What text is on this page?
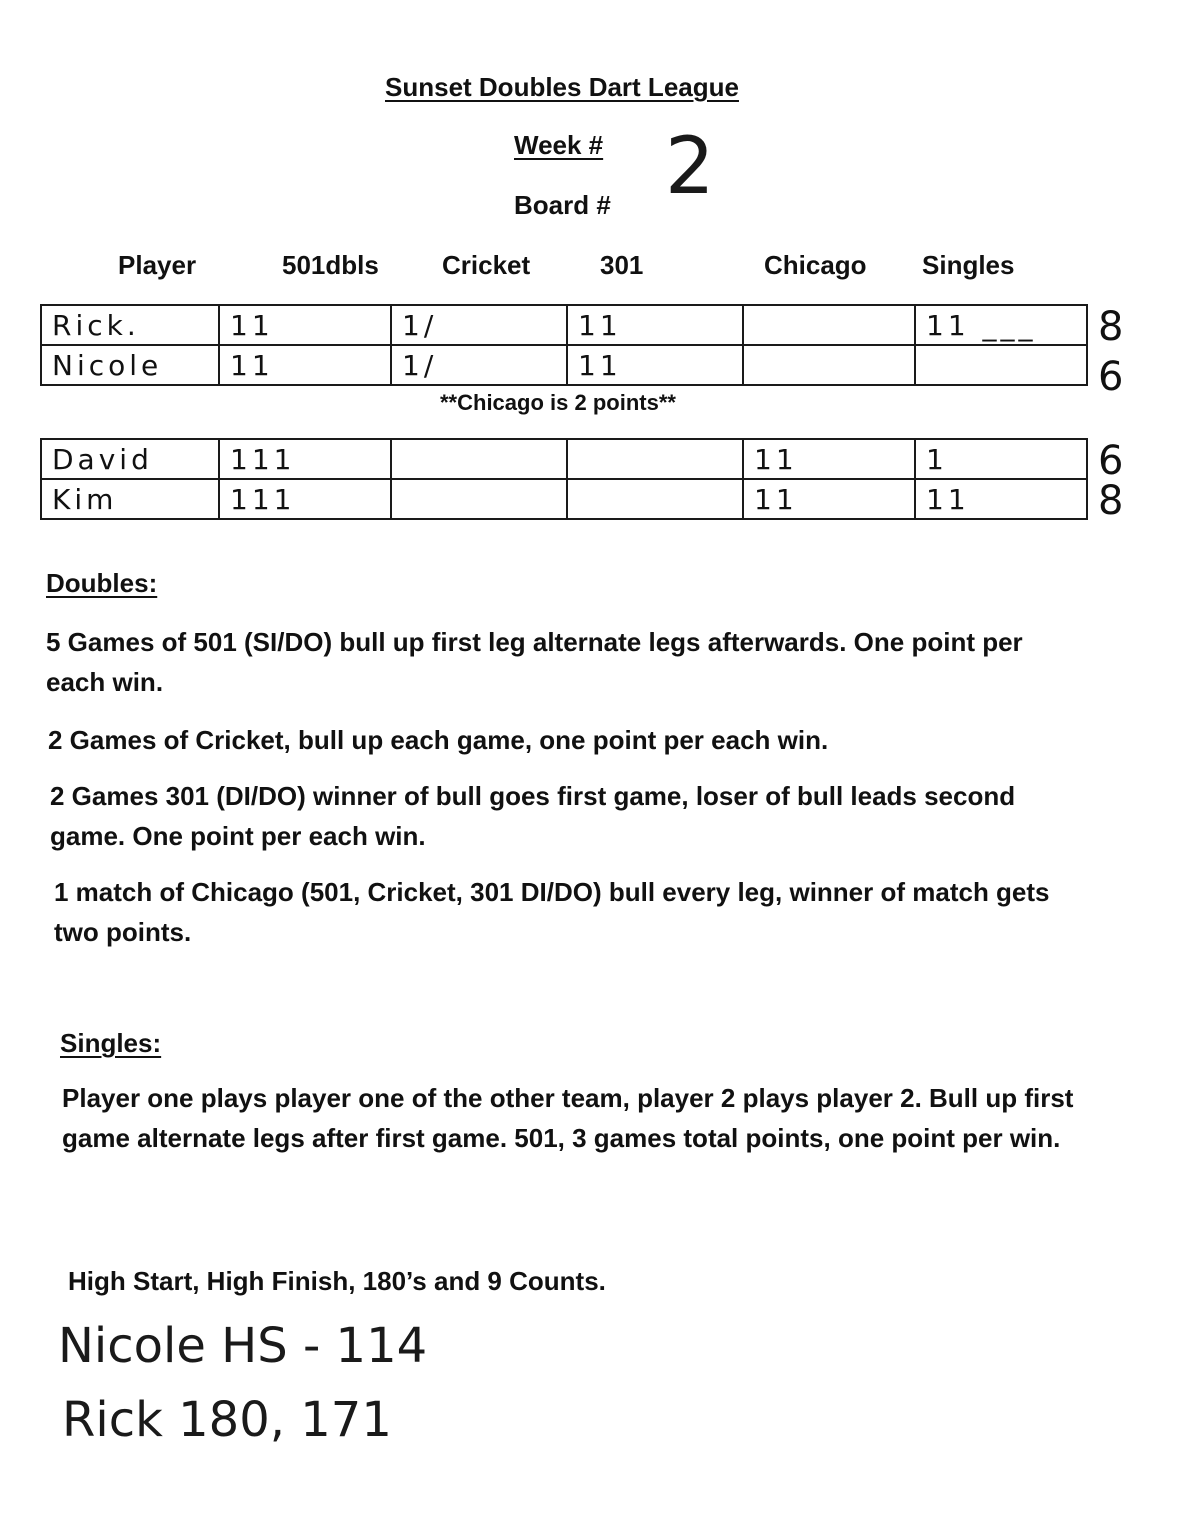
Sunset Doubles Dart League
Week # 2
Board #
Player	501dbls Cricket	301	Chicago Singles
Rick.	11	1/	11		11 ___
Nicole	11	1/	11		
8
6
**Chicago is 2 points**
David	111			11	1
Kim	111			11	11
6
8
Doubles:
5 Games of 501 (SI/DO) bull up first leg alternate legs afterwards. One point per each win.
2 Games of Cricket, bull up each game, one point per each win.
2 Games 301 (DI/DO) winner of bull goes first game, loser of bull leads second game. One point per each win.
1 match of Chicago (501, Cricket, 301 DI/DO) bull every leg, winner of match gets two points.
Singles:
Player one plays player one of the other team, player 2 plays player 2. Bull up first game alternate legs after first game. 501, 3 games total points, one point per win.
High Start, High Finish, 180’s and 9 Counts.
Nicole HS - 114
Rick 180, 171
